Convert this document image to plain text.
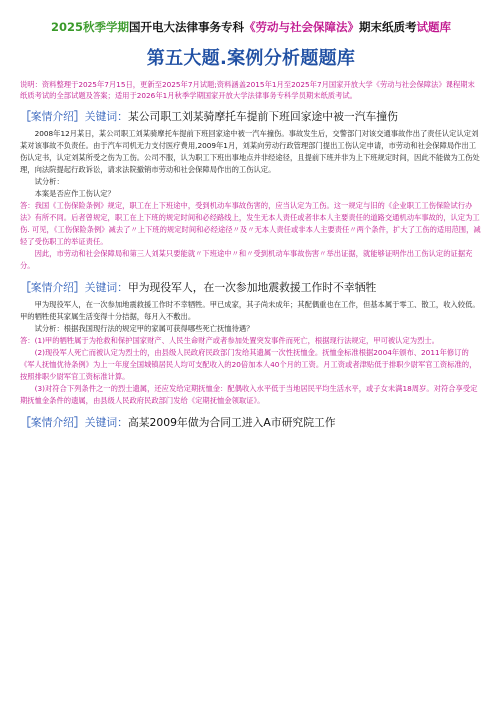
2025秋季学期国开电大法律事务专科《劳动与社会保障法》期末纸质考试题库
第五大题.案例分析题题库
说明：资料整理于2025年7月15日，更新至2025年7月试题;资料涵盖2015年1月至2025年7月国家开放大学《劳动与社会保障法》课程期末纸质考试的全部试题及答案；适用于2026年1月秋季学期国家开放大学法律事务专科学员期末纸质考试。
［案情介绍］关键词：某公司职工刘某骑摩托车提前下班回家途中被一汽车撞伤
2008年12月某日，某公司职工刘某骑摩托车提前下班回家途中被一汽车撞伤。事故发生后，交警部门对该交通事故作出了责任认定认定刘某对该事故不负责任。由于汽车司机无力支付医疗费用,2009年1月，刘某向劳动行政管理部门提出工伤认定申请，市劳动和社会保障局作出工伤认定书，认定刘某所受之伤为工伤。公司不服，认为职工下班出事地点并非经途径，且提前下班并非为上下班规定时间，因此不能做为工伤处理，向法院提起行政诉讼，请求法院撤销市劳动和社会保障局作出的工伤认定。
试分析：
本案是否应作工伤认定？
答：我国《工伤保险条例》规定，职工在上下班途中，受到机动车事故伤害的，应当认定为工伤。这一规定与旧的《企业职工工伤保险试行办法》有所不同。后者曾规定，职工在上下班的规定时间和必经路线上，发生无本人责任或者非本人主要责任的道路交通机动车事故的，认定为工伤. 可见，《工伤保险条例》减去了〃上下班的规定时间和必经途径〃及〃无本人责任或非本人主要责任〃两个条件，扩大了工伤的适用范围，减轻了受伤职工的举证责任。
因此，市劳动和社会保障局和第三人刘某只要能就〃下班途中〃和〃受到机动车事故伤害〃举出证据，就能够证明作出工伤认定的证据充分。
［案情介绍］关键词：甲为现役军人，在一次参加地震救援工作时不幸牺牲
甲为现役军人，在一次参加地震救援工作时不幸牺牲。甲已成家，其子尚未成年；其配偶重也在工作，但基本属于零工、散工，收入较低。甲的牺牲使其家属生活变得十分拮据，每月入不敷出。
试分析：根据我国现行法的规定甲的家属可获得哪些死亡抚恤待遇？
答：(1)甲的牺牲属于为抢救和保护国家财产、人民生命财产或者参加处置突发事件而死亡，根据现行法规定，甲可被认定为烈士。
(2)现役军人死亡而被认定为烈士的，由县级人民政府民政部门发给其遗属一次性抚恤金。抚恤金标准根据2004年颁布、2011年修订的《军人抚恤优待条例》为上一年度全国城镇居民人均可支配收入的20倍加本人40个月的工资。月工资或者津贴低于排职少尉军官工资标准的，按照排职少尉军官工资标准计算。
(3)对符合下列条件之一的烈士遗属，还应发给定期抚恤金：配偶收入水平低于当地居民平均生活水平，或子女未满18周岁。对符合享受定期抚恤金条件的遗属，由县级人民政府民政部门发给《定期抚恤金领取证》。
［案情介绍］关键词：高某2009年做为合同工进入A市研究院工作
